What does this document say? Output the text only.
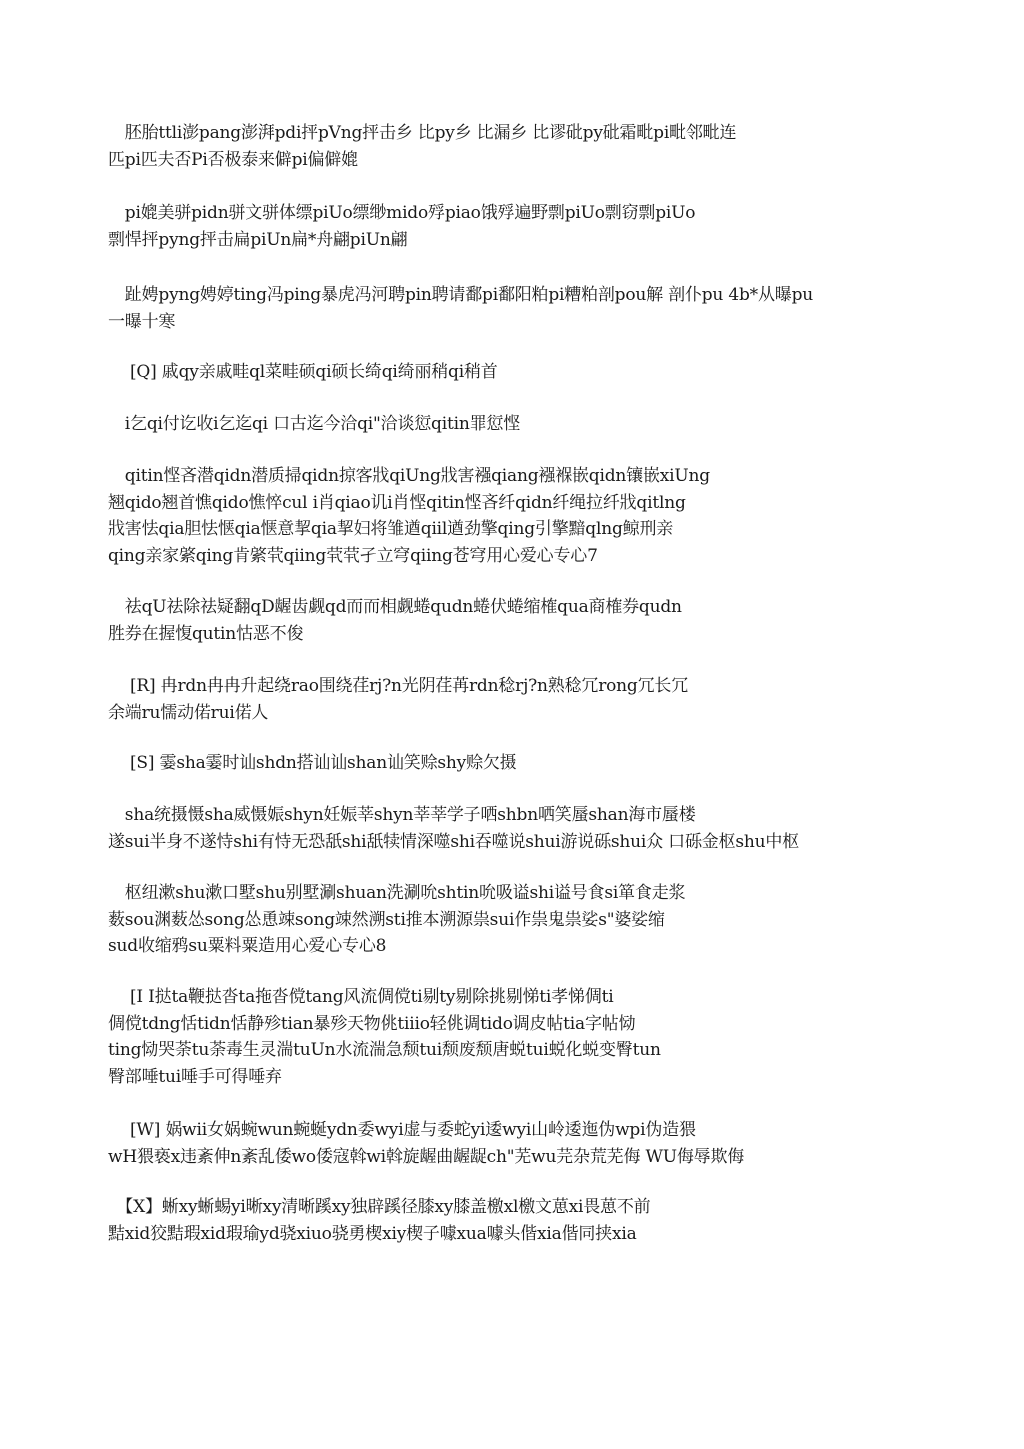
　胚胎ttli澎pang澎湃pdi抨pVng抨击乡 比py乡 比漏乡 比谬砒py砒霜毗pi毗邻毗连
匹pi匹夫否Pi否极泰来僻pi偏僻媲
　pi媲美骈pidn骈文骈体缥piUo缥缈mido殍piao饿殍遍野剽piUo剽窃剽piUo
剽悍抨pyng抨击扁piUn扁*舟翩piUn翩
　趾娉pyng娉婷ting冯ping暴虎冯河聘pin聘请鄱pi鄱阳粕pi糟粕剖pou解 剖仆pu 4b*从曝pu
一曝十寒
　 [Q] 戚qy亲戚畦ql菜畦硕qi硕长绮qi绮丽稍qi稍首
　i乞qi付讫收i乞迄qi 口古迄今洽qi"洽谈愆qitin罪愆悭
　qitin悭吝潜qidn潜质掃qidn掠客戕qiUng戕害襁qiang襁褓嵌qidn镶嵌xiUng
翘qido翘首憔qido憔悴cul i肖qiao讥i肖悭qitin悭吝纤qidn纤绳拉纤戕qitlng
戕害怯qia胆怯惬qia惬意挈qia挈妇将雏遒qiil遒劲擎qing引擎黯qlng鲸刑亲
qing亲家綮qing肯綮茕qiing茕茕孑立穹qiing苍穹用心爱心专心7
　祛qU祛除祛疑翻qD龌齿觑qd而而相觑蜷qudn蜷伏蜷缩榷qua商榷券qudn
胜券在握愎qutin怙恶不俊
　 [R] 冉rdn冉冉升起绕rao围绕荏rj?n光阴荏苒rdn稔rj?n熟稔冗rong冗长冗
余端ru懦动偌rui偌人
　 [S] 霎sha霎时讪shdn搭讪讪shan讪笑赊shy赊欠摄
　sha统摄慑sha威慑娠shyn妊娠莘shyn莘莘学子哂shbn哂笑蜃shan海市蜃楼
遂sui半身不遂恃shi有恃无恐舐shi舐犊情深噬shi吞噬说shui游说砾shui众 口砾金枢shu中枢
　枢纽漱shu漱口墅shu别墅涮shuan洗涮吮shtin吮吸谥shi谥号食si箪食走浆
薮sou渊薮怂song怂恿竦song竦然溯sti推本溯源祟sui作祟鬼祟娑s"婆娑缩
sud收缩鸦su粟料粟造用心爱心专心8
　 [I I挞ta鞭挞沓ta拖沓傥tang风流倜傥ti剔ty剔除挑剔悌ti孝悌倜ti
倜傥tdng恬tidn恬静殄tian暴殄天物佻tiiio轻佻调tido调皮帖tia字帖恸
ting恸哭荼tu荼毒生灵湍tuUn水流湍急颓tui颓废颓唐蜕tui蜕化蜕变臀tun
臀部唾tui唾手可得唾弃
　 [W] 娲wii女娲蜿wun蜿蜒ydn委wyi虚与委蛇yi逶wyi山岭逶迤伪wpi伪造猥
wH猥亵x违紊伸n紊乱倭wo倭寇斡wi斡旋龌曲龌龊ch"芜wu芫杂荒芜侮 WU侮辱欺侮
　【X】蜥xy蜥蜴yi晰xy清晰蹊xy独辟蹊径膝xy膝盖檄xl檄文葸xi畏葸不前
黠xid狡黠瑕xid瑕瑜yd骁xiuo骁勇楔xiy楔子噱xua噱头偕xia偕同挟xia
